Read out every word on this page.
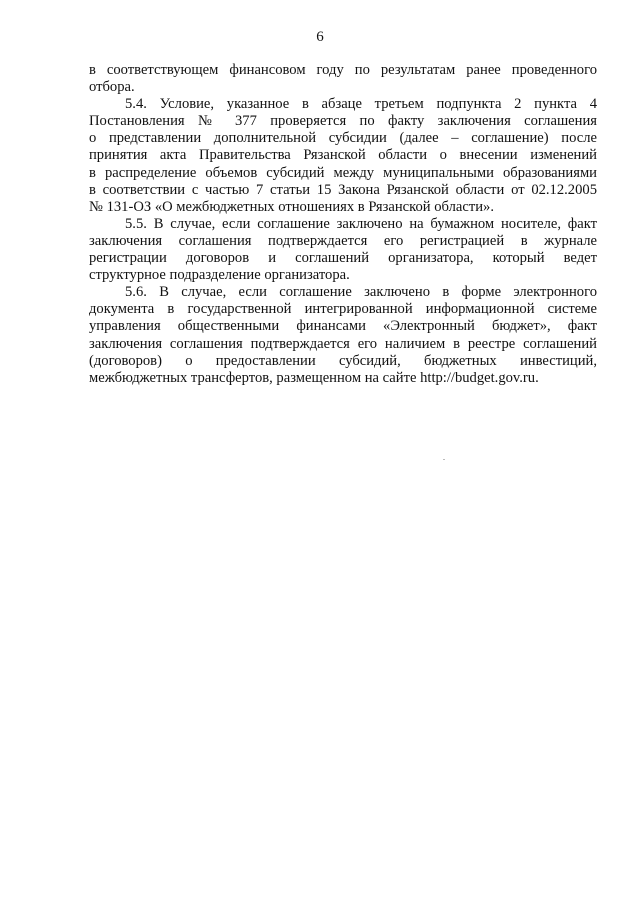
6

в соответствующем финансовом году по результатам ранее проведенного
отбора.

5.4. Условие, указанное в абзаце третьем подпункта 2 пункта 4
Постановления № 377 проверяется по факту заключения соглашения
о представлении дополнительной субсидии (далее – соглашение) после
принятия акта Правительства Рязанской области о внесении изменений
в распределение объемов субсидий между муниципальными образованиями
в соответствии с частью 7 статьи 15 Закона Рязанской области от 02.12.2005
№ 131-ОЗ «О межбюджетных отношениях в Рязанской области».

5.5. В случае, если соглашение заключено на бумажном носителе, факт
заключения соглашения подтверждается его регистрацией в журнале
регистрации договоров и соглашений организатора, который ведет
структурное подразделение организатора.

5.6. В случае, если соглашение заключено в форме электронного
документа в государственной интегрированной информационной системе
управления общественными финансами «Электронный бюджет», факт
заключения соглашения подтверждается его наличием в реестре соглашений
(договоров) о предоставлении субсидий, бюджетных инвестиций,
межбюджетных трансфертов, размещенном на сайте http://budget.gov.ru.
